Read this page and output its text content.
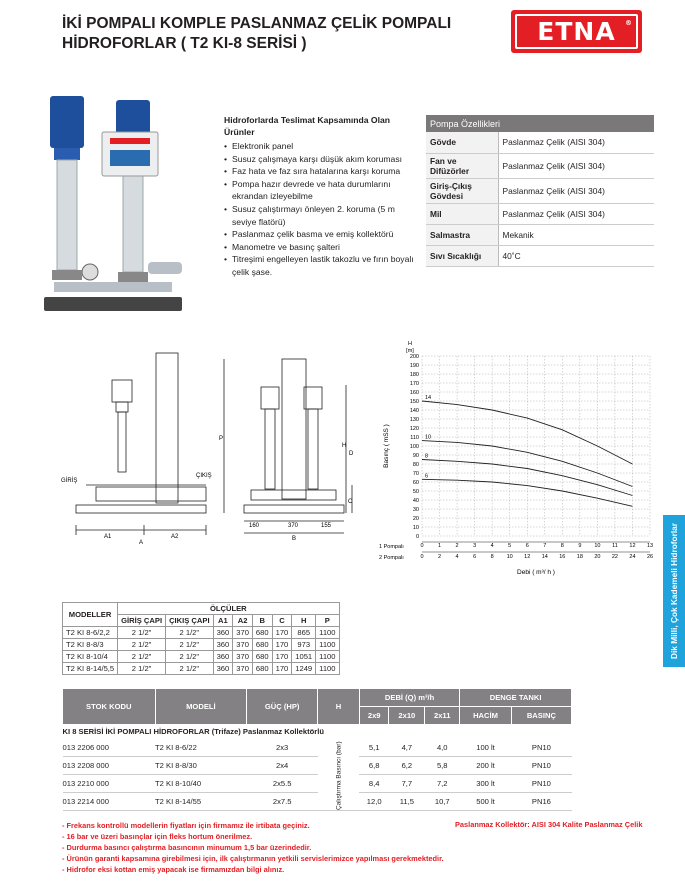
İKİ POMPALI KOMPLE PASLANMAZ ÇELİK POMPALI
HİDROFORLAR ( T2 KI-8 SERİSİ )	ETNA ®
Hidroforlarda Teslimat Kapsamında Olan Ürünler
• Elektronik panel
• Susuz çalışmaya karşı düşük akım koruması
• Faz hata ve faz sıra hatalarına karşı koruma
• Pompa hazır devrede ve hata durumlarını ekrandan izleyebilme
• Susuz çalıştırmayı önleyen 2. koruma (5 m seviye flatörü)
• Paslanmaz çelik basma ve emiş kollektörü
• Manometre ve basınç şalteri
• Titreşimi engelleyen lastik takozlu ve fırın boyalı çelik şase.
Pompa Özellikleri	
Gövde	Paslanmaz Çelik (AISI 304)
Fan ve Difüzörler	Paslanmaz Çelik (AISI 304)
Giriş-Çıkış Gövdesi	Paslanmaz Çelik (AISI 304)
Mil	Paslanmaz Çelik (AISI 304)
Salmastra	Mekanik
Sıvı Sıcaklığı	40˚C
GİRİŞ
ÇIKIŞ
A1	A2
A
160	370	155
B
P
D
C
H
0
10
20
30
40
50
60
70
80
90
100
110
120
130
140
150
160
170
180
190
200
0
0
1
2
2
4
3
6
4
8
5
10
6
12
7
14
8
16
9
18
10
20
11
22
12
24
13
26
1 Pompalı
2 Pompalı
Debi ( m³/ h )
H
[m]
Basınç ( mSS )
14
10
8
6
Dik Milli, Çok Kademeli Hidroforlar
MODELLER	ÖLÇÜLER							
	GİRİŞ ÇAPI	ÇIKIŞ ÇAPI	A1	A2	B	C	H	P
T2 KI 8-6/2,2	2 1/2"	2 1/2"	360	370	680	170	865	1100
T2 KI 8-8/3	2 1/2"	2 1/2"	360	370	680	170	973	1100
T2 KI 8-10/4	2 1/2"	2 1/2"	360	370	680	170	1051	1100
T2 KI 8-14/5,5	2 1/2"	2 1/2"	360	370	680	170	1249	1100
STOK KODU	MODELİ	GÜÇ (HP)	H	DEBİ (Q) m³/h			DENGE TANKI	
				2x9	2x10	2x11	HACİM	BASINÇ
KI 8 SERİSİ İKİ POMPALI HİDROFORLAR (Trifaze) Paslanmaz Kollektörlü								
013 2206 000	T2 KI 8-6/22	2x3	Çalıştırma Basıncı (bar)	5,1	4,7	4,0	100 lt	PN10
013 2208 000	T2 KI 8-8/30	2x4		6,8	6,2	5,8	200 lt	PN10
013 2210 000	T2 KI 8-10/40	2x5.5		8,4	7,7	7,2	300 lt	PN10
013 2214 000	T2 KI 8-14/55	2x7.5		12,0	11,5	10,7	500 lt	PN16
- Frekans kontrollü modellerin fiyatları için firmamız ile irtibata geçiniz.
- 16 bar ve üzeri basınçlar için fleks hortum önerilmez.
- Durdurma basıncı çalıştırma basıncının minumum 1,5 bar üzerindedir.
- Ürünün garanti kapsamına girebilmesi için, ilk çalıştırmanın yetkili servislerimizce yapılması gerekmektedir.
- Hidrofor eksi kottan emiş yapacak ise firmamızdan bilgi alınız.
Paslanmaz Kollektör: AISI 304 Kalite Paslanmaz Çelik
